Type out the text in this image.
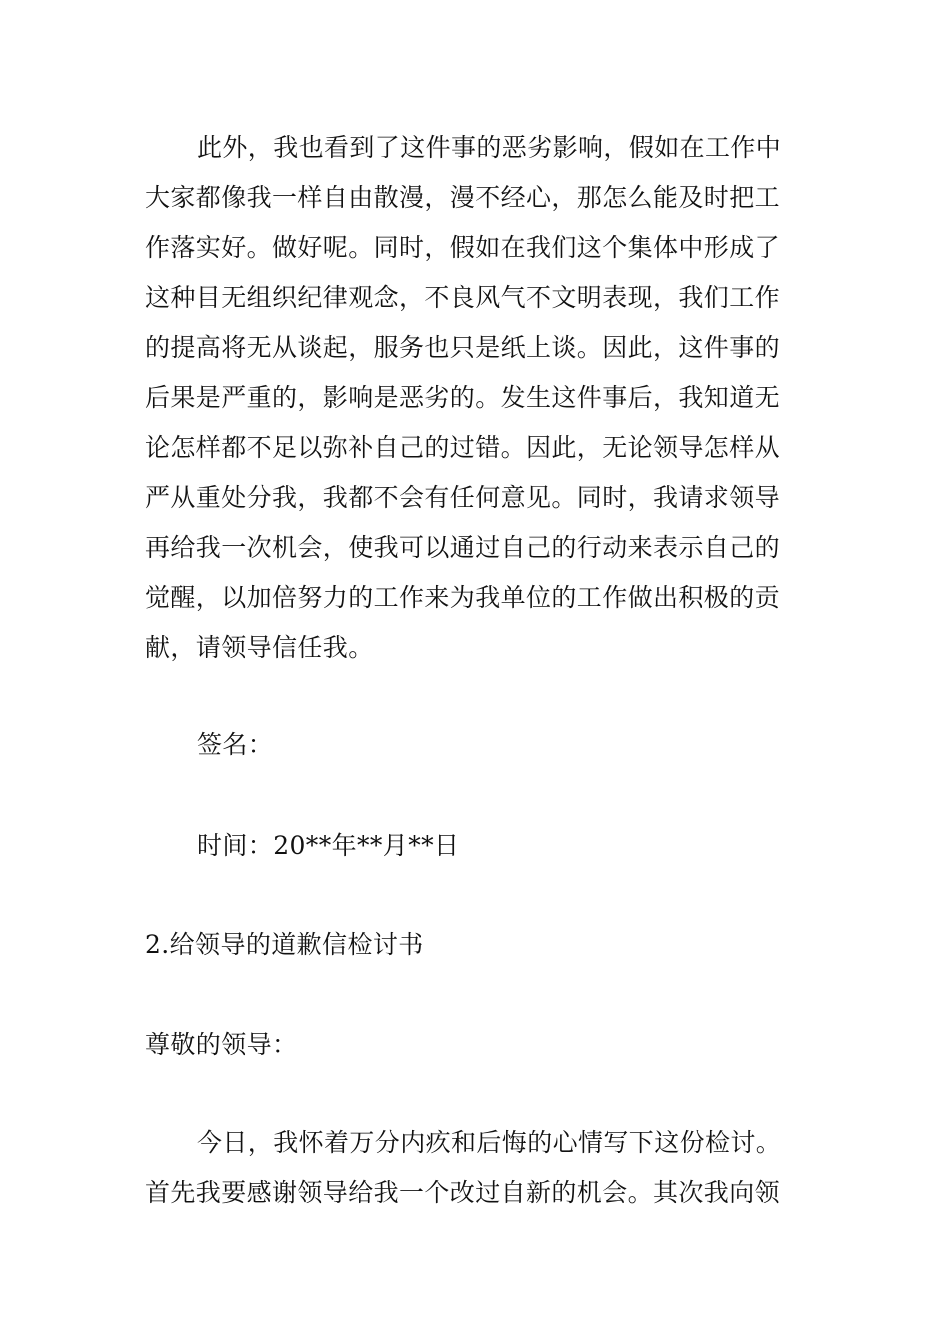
此外，我也看到了这件事的恶劣影响，假如在工作中
大家都像我一样自由散漫，漫不经心，那怎么能及时把工
作落实好。做好呢。同时，假如在我们这个集体中形成了
这种目无组织纪律观念，不良风气不文明表现，我们工作
的提高将无从谈起，服务也只是纸上谈。因此，这件事的
后果是严重的，影响是恶劣的。发生这件事后，我知道无
论怎样都不足以弥补自己的过错。因此，无论领导怎样从
严从重处分我，我都不会有任何意见。同时，我请求领导
再给我一次机会，使我可以通过自己的行动来表示自己的
觉醒，以加倍努力的工作来为我单位的工作做出积极的贡
献，请领导信任我。
签名：
时间：20**年**月**日
2.给领导的道歉信检讨书
尊敬的领导：
今日，我怀着万分内疚和后悔的心情写下这份检讨。
首先我要感谢领导给我一个改过自新的机会。其次我向领
